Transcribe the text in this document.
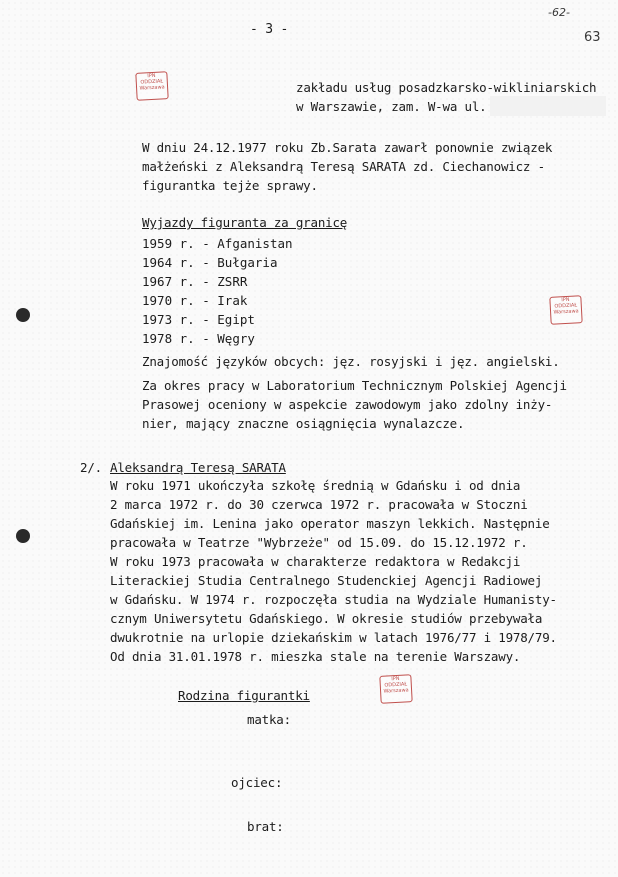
- 3 -
-62-
63
IPN
ODDZIAŁ
Warszawa
IPN
ODDZIAŁ
Warszawa
IPN
ODDZIAŁ
Warszawa
zakładu usług posadzkarsko-wikliniarskich
w Warszawie, zam. W-wa ul.
W dniu 24.12.1977 roku Zb.Sarata zawarł ponownie związek
małżeński z Aleksandrą Teresą SARATA zd. Ciechanowicz -
figurantka tejże sprawy.
Wyjazdy figuranta za granicę
1959 r. - Afganistan
1964 r. - Bułgaria
1967 r. - ZSRR
1970 r. - Irak
1973 r. - Egipt
1978 r. - Węgry
Znajomość języków obcych: jęz. rosyjski i jęz. angielski.
Za okres pracy w Laboratorium Technicznym Polskiej Agencji
Prasowej oceniony w aspekcie zawodowym jako zdolny inży-
nier, mający znaczne osiągnięcia wynalazcze.
2/. Aleksandrą Teresą SARATA
W roku 1971 ukończyła szkołę średnią w Gdańsku i od dnia
2 marca 1972 r. do 30 czerwca 1972 r. pracowała w Stoczni
Gdańskiej im. Lenina jako operator maszyn lekkich. Następnie
pracowała w Teatrze "Wybrzeże" od 15.09. do 15.12.1972 r.
W roku 1973 pracowała w charakterze redaktora w Redakcji
Literackiej Studia Centralnego Studenckiej Agencji Radiowej
w Gdańsku. W 1974 r. rozpoczęła studia na Wydziale Humanisty-
cznym Uniwersytetu Gdańskiego. W okresie studiów przebywała
dwukrotnie na urlopie dziekańskim w latach 1976/77 i 1978/79.
Od dnia 31.01.1978 r. mieszka stale na terenie Warszawy.
Rodzina figurantki
matka:
ojciec:
brat:
